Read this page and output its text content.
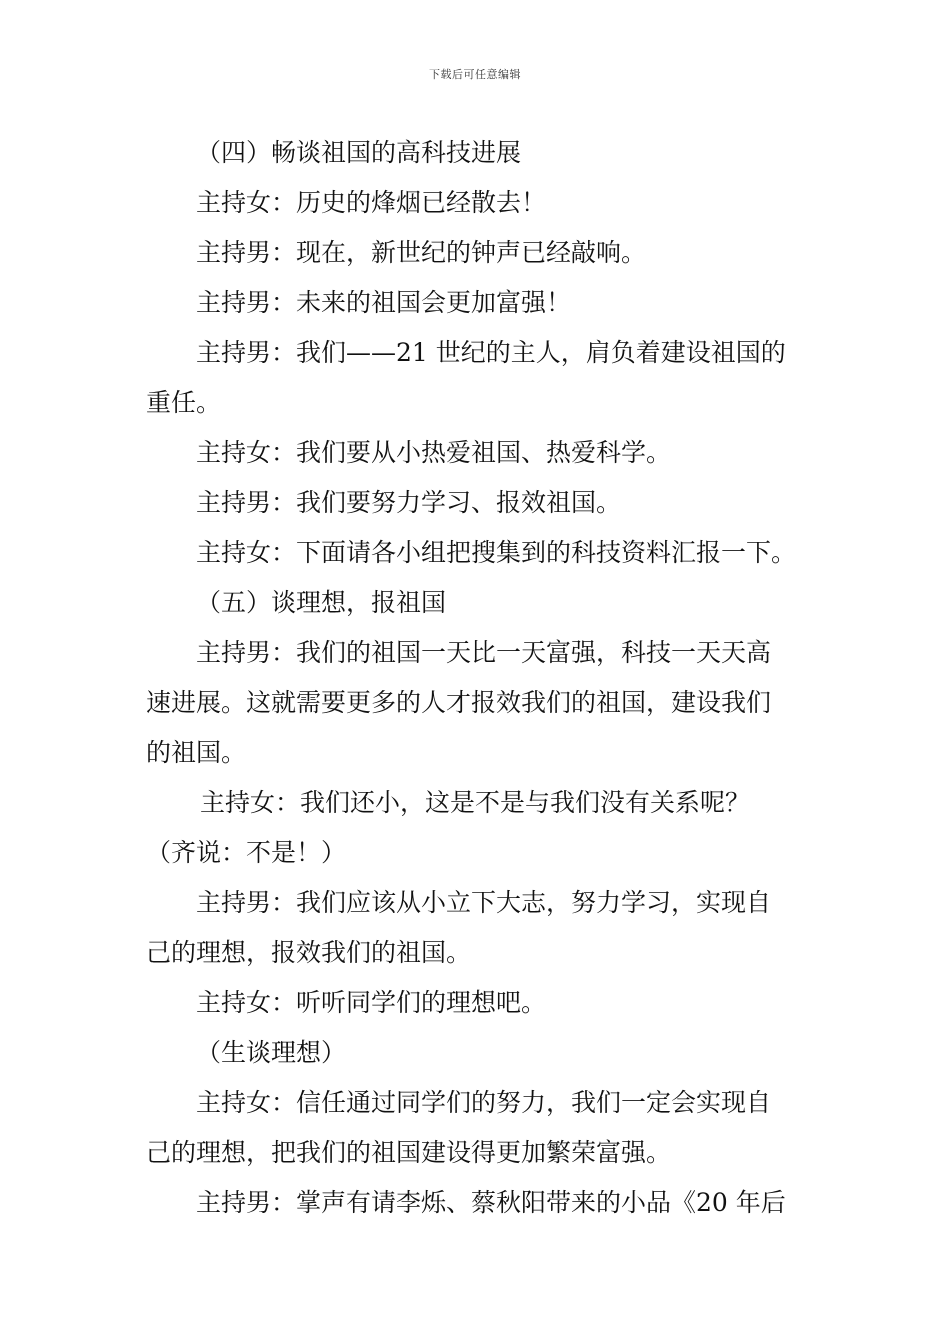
下载后可任意编辑
（四）畅谈祖国的高科技进展
主持女：历史的烽烟已经散去！
主持男：现在，新世纪的钟声已经敲响。
主持男：未来的祖国会更加富强！
主持男：我们——21 世纪的主人，肩负着建设祖国的
重任。
主持女：我们要从小热爱祖国、热爱科学。
主持男：我们要努力学习、报效祖国。
主持女：下面请各小组把搜集到的科技资料汇报一下。
（五）谈理想，报祖国
主持男：我们的祖国一天比一天富强，科技一天天高
速进展。这就需要更多的人才报效我们的祖国，建设我们
的祖国。
主持女：我们还小，这是不是与我们没有关系呢？
（齐说：不是！）
主持男：我们应该从小立下大志，努力学习，实现自
己的理想，报效我们的祖国。
主持女：听听同学们的理想吧。
（生谈理想）
主持女：信任通过同学们的努力，我们一定会实现自
己的理想，把我们的祖国建设得更加繁荣富强。
主持男：掌声有请李烁、蔡秋阳带来的小品《20 年后
